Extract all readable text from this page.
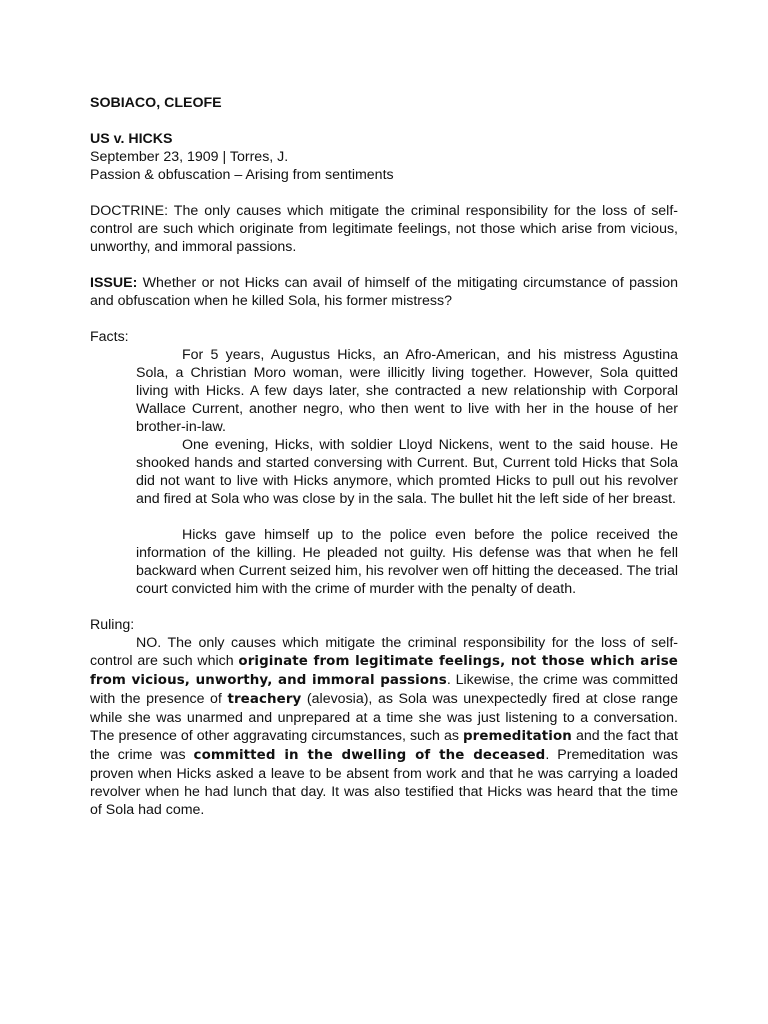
SOBIACO, CLEOFE

US v. HICKS

September 23, 1909 | Torres, J.

Passion & obfuscation – Arising from sentiments

DOCTRINE: The only causes which mitigate the criminal responsibility for the loss of self-control are such which originate from legitimate feelings, not those which arise from vicious, unworthy, and immoral passions.

ISSUE: Whether or not Hicks can avail of himself of the mitigating circumstance of passion and obfuscation when he killed Sola, his former mistress?

Facts:

For 5 years, Augustus Hicks, an Afro-American, and his mistress Agustina Sola, a Christian Moro woman, were illicitly living together. However, Sola quitted living with Hicks. A few days later, she contracted a new relationship with Corporal Wallace Current, another negro, who then went to live with her in the house of her brother-in-law.

One evening, Hicks, with soldier Lloyd Nickens, went to the said house. He shooked hands and started conversing with Current. But, Current told Hicks that Sola did not want to live with Hicks anymore, which promted Hicks to pull out his revolver and fired at Sola who was close by in the sala. The bullet hit the left side of her breast.

Hicks gave himself up to the police even before the police received the information of the killing. He pleaded not guilty. His defense was that when he fell backward when Current seized him, his revolver wen off hitting the deceased. The trial court convicted him with the crime of murder with the penalty of death.

Ruling:

NO. The only causes which mitigate the criminal responsibility for the loss of self-control are such which originate from legitimate feelings, not those which arise from vicious, unworthy, and immoral passions. Likewise, the crime was committed with the presence of treachery (alevosia), as Sola was unexpectedly fired at close range while she was unarmed and unprepared at a time she was just listening to a conversation. The presence of other aggravating circumstances, such as premeditation and the fact that the crime was committed in the dwelling of the deceased. Premeditation was proven when Hicks asked a leave to be absent from work and that he was carrying a loaded revolver when he had lunch that day. It was also testified that Hicks was heard that the time of Sola had come.
